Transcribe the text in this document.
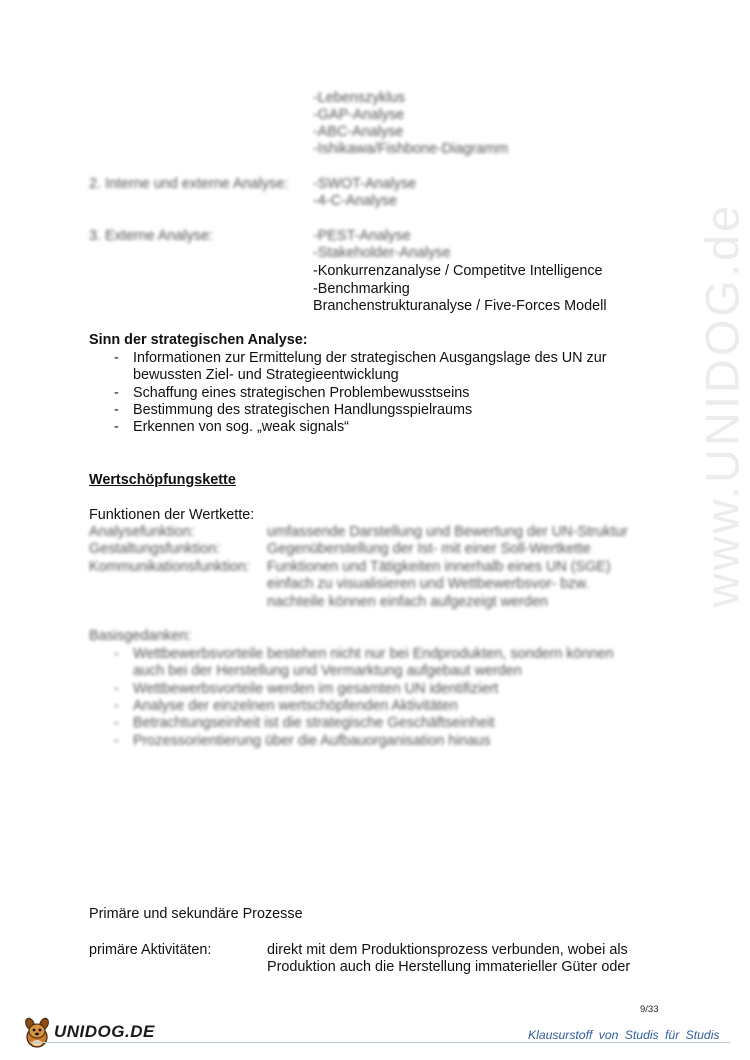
www.UNIDOG.de
-Lebenszyklus
-GAP-Analyse
-ABC-Analyse
-Ishikawa/Fishbone-Diagramm
2. Interne und externe Analyse: -SWOT-Analyse
-4-C-Analyse
3. Externe Analyse:	-PEST-Analyse
-Stakeholder-Analyse
-Konkurrenzanalyse / Competitve Intelligence
-Benchmarking
Branchenstrukturanalyse / Five-Forces Modell
Sinn der strategischen Analyse:
- Informationen zur Ermittelung der strategischen Ausgangslage des UN zur
bewussten Ziel- und Strategieentwicklung
- Schaffung eines strategischen Problembewusstseins
- Bestimmung des strategischen Handlungsspielraums
- Erkennen von sog. „weak signals“
Wertschöpfungskette
Funktionen der Wertkette:
Analysefunktion:	umfassende Darstellung und Bewertung der UN-Struktur
Gestaltungsfunktion:	Gegenüberstellung der Ist- mit einer Soll-Wertkette
Kommunikationsfunktion: Funktionen und Tätigkeiten innerhalb eines UN (SGE)
einfach zu visualisieren und Wettbewerbsvor- bzw.
nachteile können einfach aufgezeigt werden
Basisgedanken:
- Wettbewerbsvorteile bestehen nicht nur bei Endprodukten, sondern können
auch bei der Herstellung und Vermarktung aufgebaut werden
- Wettbewerbsvorteile werden im gesamten UN identifiziert
- Analyse der einzelnen wertschöpfenden Aktivitäten
- Betrachtungseinheit ist die strategische Geschäftseinheit
- Prozessorientierung über die Aufbauorganisation hinaus
Primäre und sekundäre Prozesse
primäre Aktivitäten:	direkt mit dem Produktionsprozess verbunden, wobei als
Produktion auch die Herstellung immaterieller Güter oder
9/33
UNIDOG.DE	Klausurstoff von Studis für Studis
